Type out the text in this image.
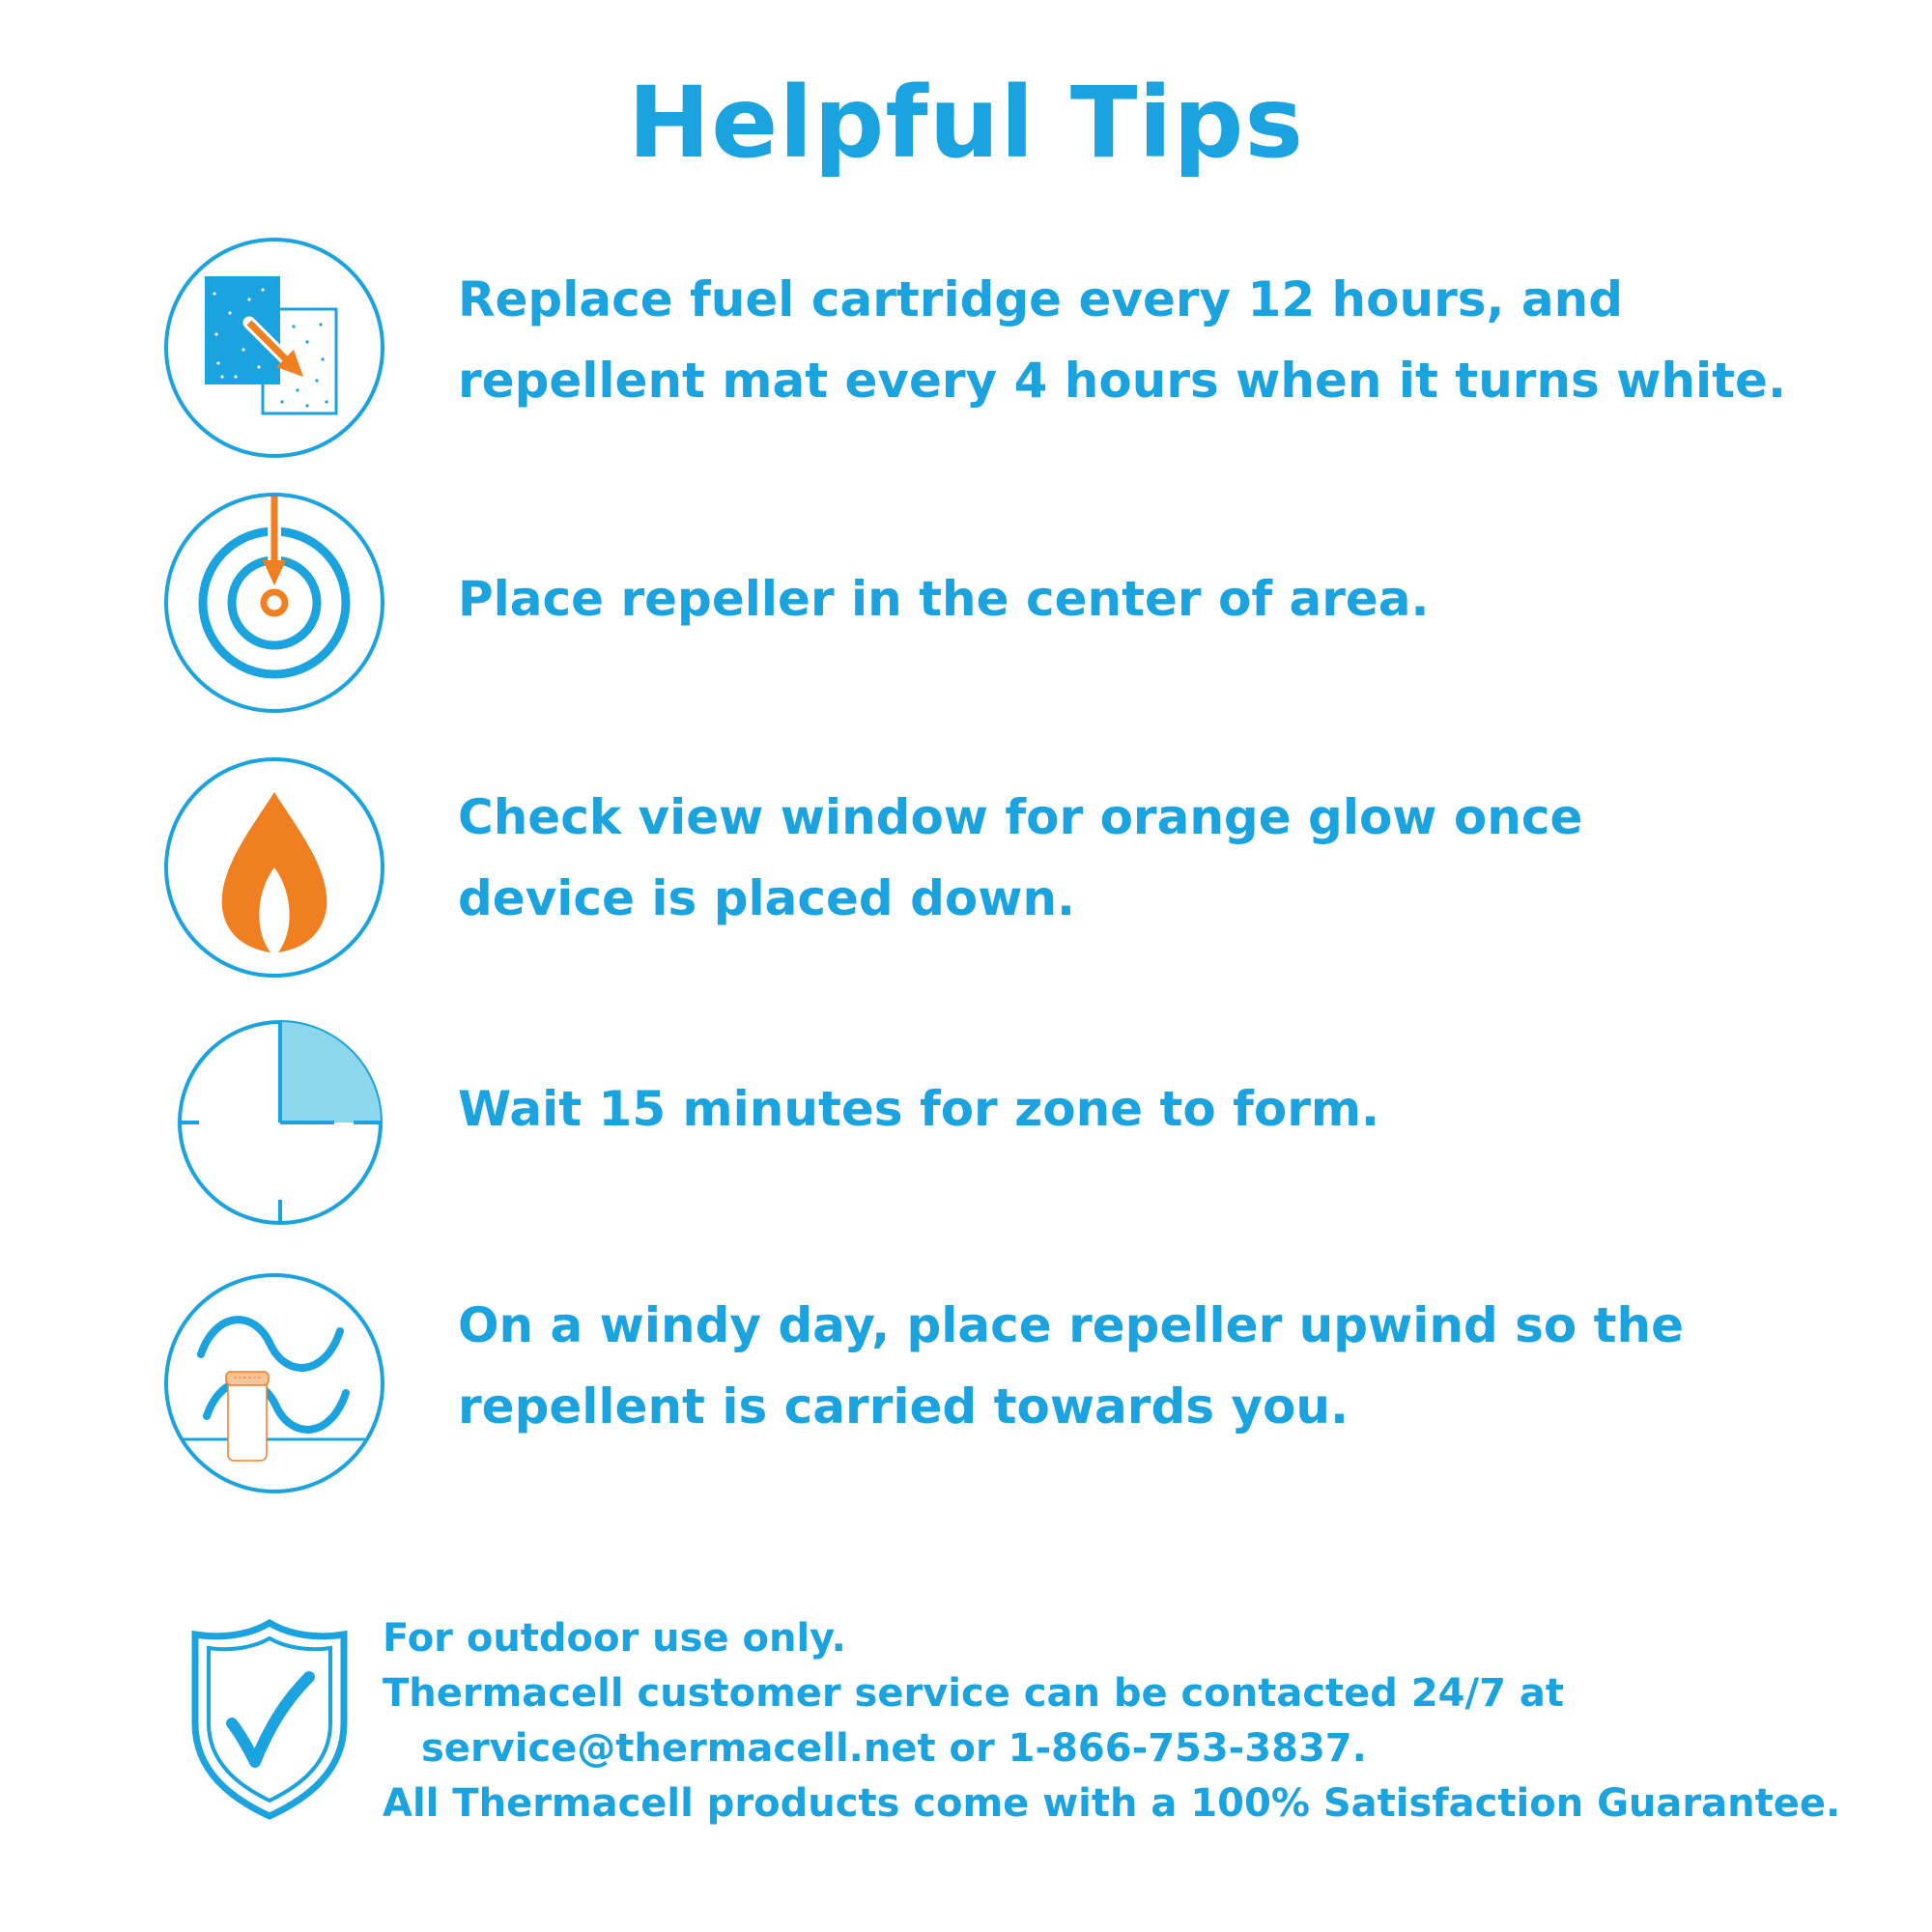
Helpful Tips
Replace fuel cartridge every 12 hours, and
repellent mat every 4 hours when it turns white.
Place repeller in the center of area.
Check view window for orange glow once
device is placed down.
Wait 15 minutes for zone to form.
On a windy day, place repeller upwind so the
repellent is carried towards you.
For outdoor use only.
Thermacell customer service can be contacted 24/7 at
service@thermacell.net or 1-866-753-3837.
All Thermacell products come with a 100% Satisfaction Guarantee.
